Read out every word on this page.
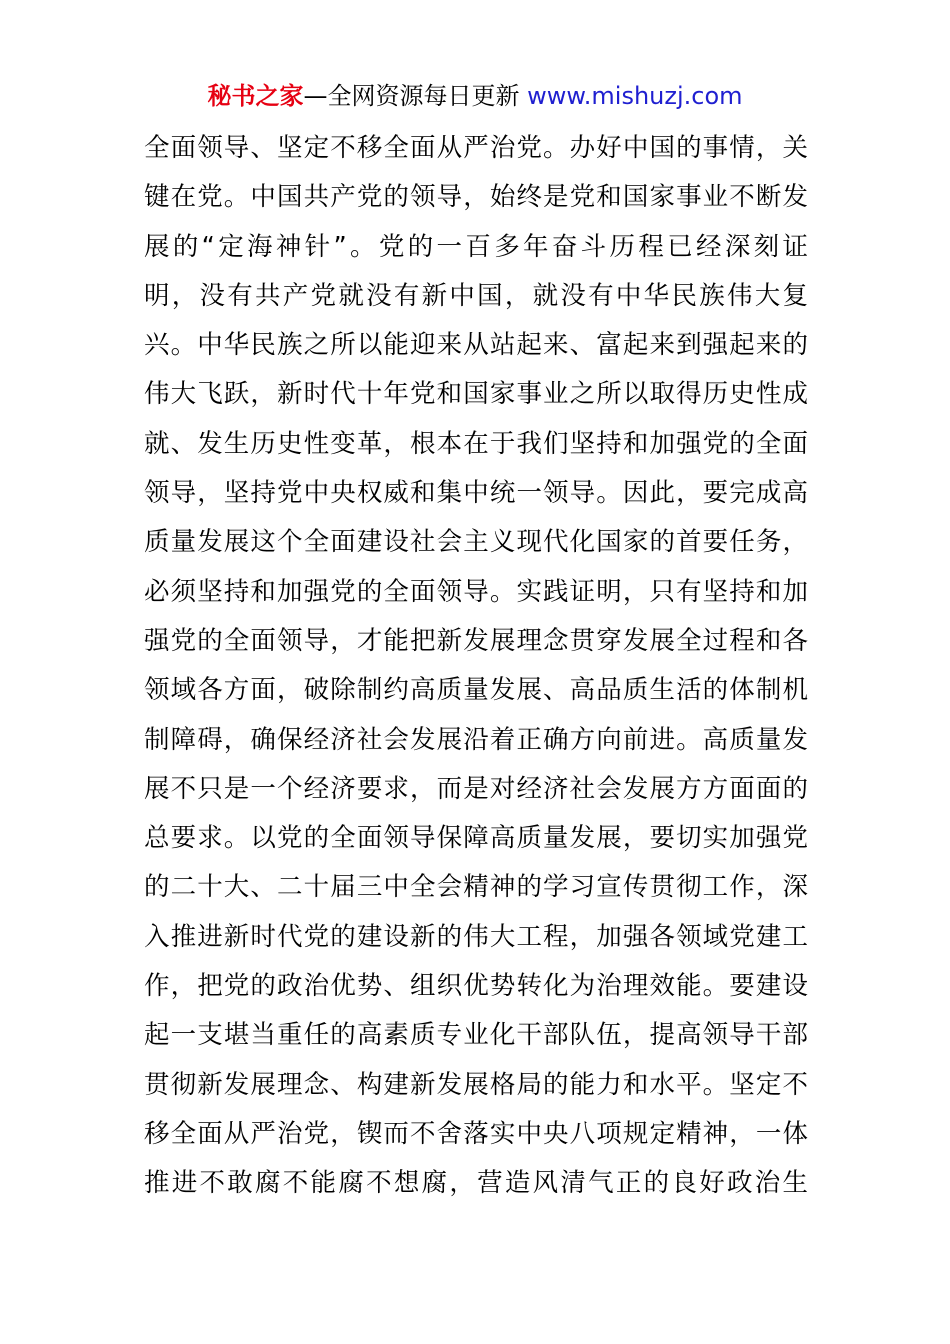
秘书之家—全网资源每日更新 www.mishuzj.com
全面领导、坚定不移全面从严治党。办好中国的事情，关
键在党。中国共产党的领导，始终是党和国家事业不断发
展的“定海神针”。党的一百多年奋斗历程已经深刻证
明，没有共产党就没有新中国，就没有中华民族伟大复
兴。中华民族之所以能迎来从站起来、富起来到强起来的
伟大飞跃，新时代十年党和国家事业之所以取得历史性成
就、发生历史性变革，根本在于我们坚持和加强党的全面
领导，坚持党中央权威和集中统一领导。因此，要完成高
质量发展这个全面建设社会主义现代化国家的首要任务，
必须坚持和加强党的全面领导。实践证明，只有坚持和加
强党的全面领导，才能把新发展理念贯穿发展全过程和各
领域各方面，破除制约高质量发展、高品质生活的体制机
制障碍，确保经济社会发展沿着正确方向前进。高质量发
展不只是一个经济要求，而是对经济社会发展方方面面的
总要求。以党的全面领导保障高质量发展，要切实加强党
的二十大、二十届三中全会精神的学习宣传贯彻工作，深
入推进新时代党的建设新的伟大工程，加强各领域党建工
作，把党的政治优势、组织优势转化为治理效能。要建设
起一支堪当重任的高素质专业化干部队伍，提高领导干部
贯彻新发展理念、构建新发展格局的能力和水平。坚定不
移全面从严治党，锲而不舍落实中央八项规定精神，一体
推进不敢腐不能腐不想腐，营造风清气正的良好政治生
